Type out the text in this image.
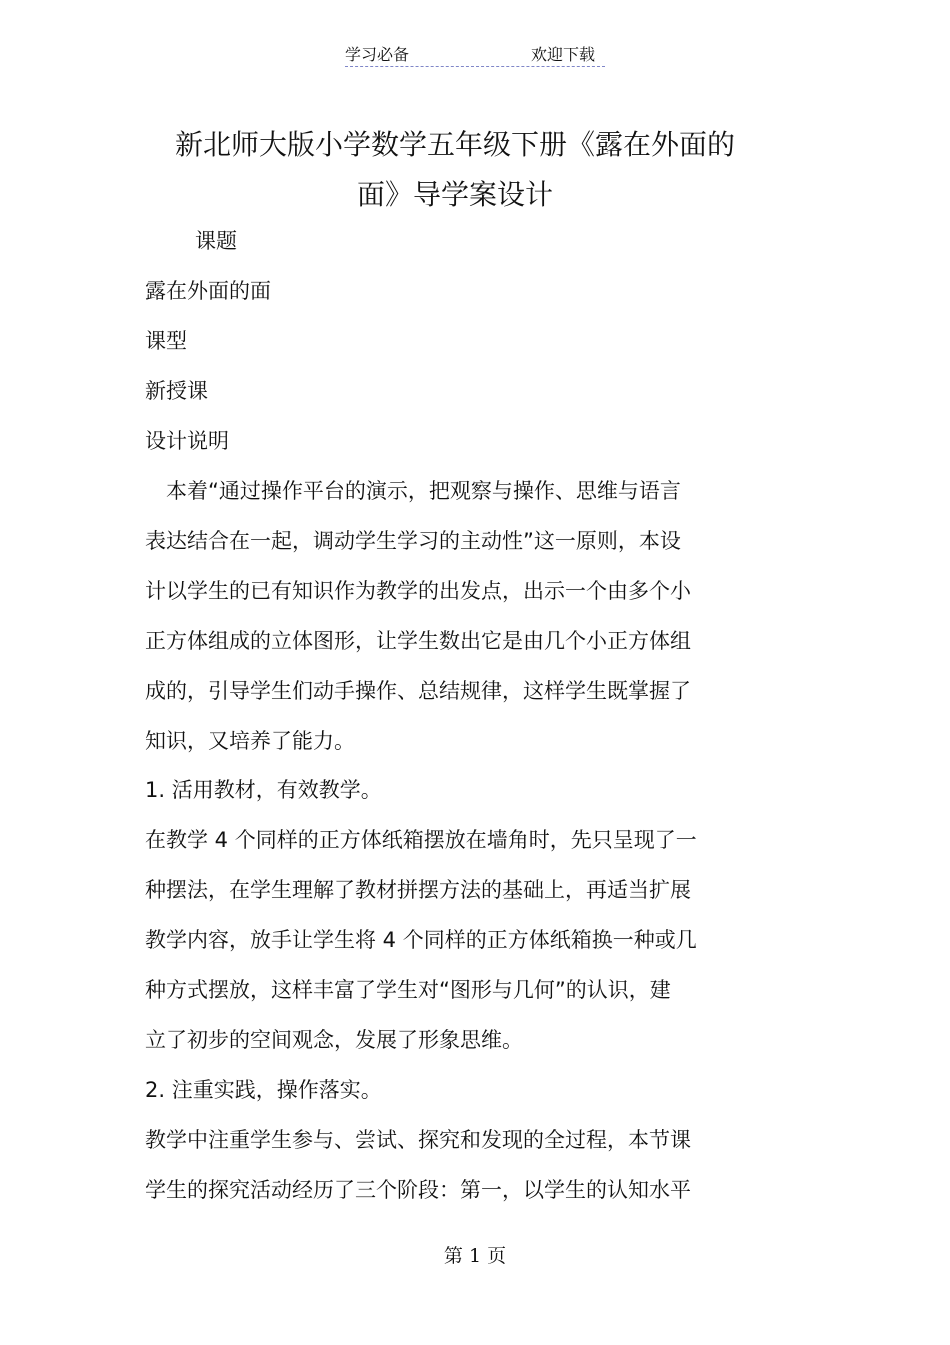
学习必备	欢迎下载
新北师大版小学数学五年级下册《露在外面的
面》导学案设计
课题
露在外面的面
课型
新授课
设计说明
本着“通过操作平台的演示，把观察与操作、思维与语言
表达结合在一起，调动学生学习的主动性”这一原则，本设
计以学生的已有知识作为教学的出发点，出示一个由多个小
正方体组成的立体图形，让学生数出它是由几个小正方体组
成的，引导学生们动手操作、总结规律，这样学生既掌握了
知识，又培养了能力。
1. 活用教材，有效教学。
在教学 4 个同样的正方体纸箱摆放在墙角时，先只呈现了一
种摆法，在学生理解了教材拼摆方法的基础上，再适当扩展
教学内容，放手让学生将 4 个同样的正方体纸箱换一种或几
种方式摆放，这样丰富了学生对“图形与几何”的认识，建
立了初步的空间观念，发展了形象思维。
2. 注重实践，操作落实。
教学中注重学生参与、尝试、探究和发现的全过程，本节课
学生的探究活动经历了三个阶段：第一，以学生的认知水平
第 1 页
